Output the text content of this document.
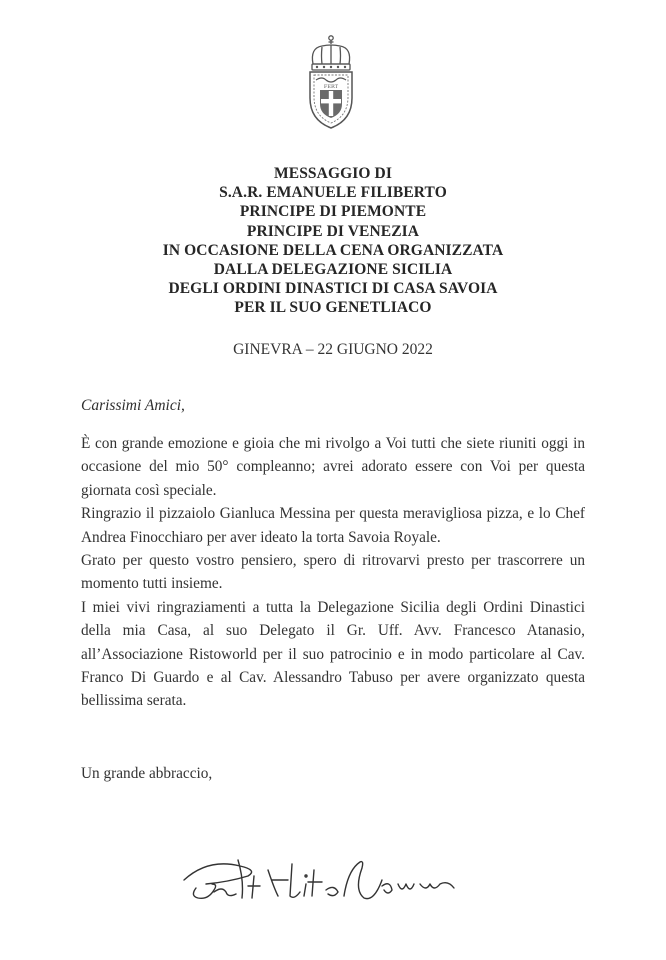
FERT
MESSAGGIO DI
S.A.R. EMANUELE FILIBERTO
PRINCIPE DI PIEMONTE
PRINCIPE DI VENEZIA
IN OCCASIONE DELLA CENA ORGANIZZATA
DALLA DELEGAZIONE SICILIA
DEGLI ORDINI DINASTICI DI CASA SAVOIA
PER IL SUO GENETLIACO
GINEVRA – 22 GIUGNO 2022
Carissimi Amici,

È con grande emozione e gioia che mi rivolgo a Voi tutti che siete riuniti oggi in occasione del mio 50° compleanno; avrei adorato essere con Voi per questa giornata così speciale.

Ringrazio il pizzaiolo Gianluca Messina per questa meravigliosa pizza, e lo Chef Andrea Finocchiaro per aver ideato la torta Savoia Royale.

Grato per questo vostro pensiero, spero di ritrovarvi presto per trascorrere un momento tutti insieme.

I miei vivi ringraziamenti a tutta la Delegazione Sicilia degli Ordini Dinastici della mia Casa, al suo Delegato il Gr. Uff. Avv. Francesco Atanasio, all’Associazione Ristoworld per il suo patrocinio e in modo particolare al Cav. Franco Di Guardo e al Cav. Alessandro Tabuso per avere organizzato questa bellissima serata.

Un grande abbraccio,
